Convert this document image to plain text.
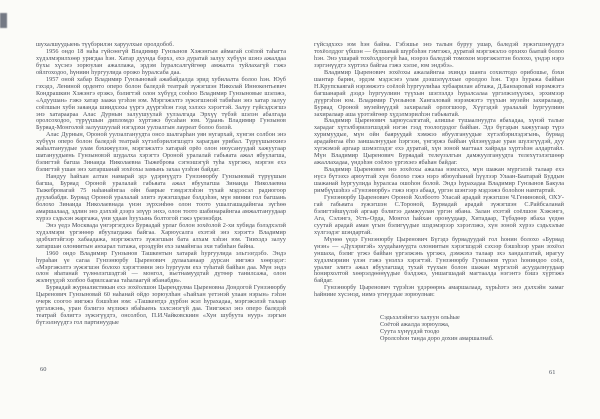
шухалшуудыень түүбэрилэн харуулхые оролдобоб.

1956 ондо 18 наһа гүйсөөгүй Владимир Гунзынов Хэжэнгын аймагай соёлой таһагта хүдэлмэрилхөөр уригдаа һэн. Хатар дуунда бэрхэ, ехэ дуратай залуу хүбүүн шэнэ ажалдаа бүхы хүсэеэ зорюулан ажаллажа, эрдэм һуралсалгүйгөөр амжалта туйлахагүй гэжэ ойлгоходоо, һүниин һургуулида орожо һуралсаба даа.

1957 оной хабар Владимир Гунзыновай ажабайдалда эрид хубилалта болоо һэн. Юуб гэхэдэ, Лениной орденто оперо болон баледэй театрай зүжэгшэн Николай Иннокентьевич Кондрашкин Хэжэнгэ ерэжэ, бэлигтэй олон хүбүүд сооһоо Владимир Гунзыновые шэлэжэ, «Адуушан» гэжэ хатар заажа үгэһэн юм. Мэргэжэлтэ зүжэгшэнэй табиһан энэ хатар залуу соёлшын хуби заяанда шиидхэхы үүргэ дүүргэһэн гээд хэлэхэ хэрэгтэй. Залуу гүйсэдхэгшэ энэ хатараараа Алас Дурнын залуушуулай уулзалгада Эрхүү түбэй шэлэн абалгада оролсоходоо, түрүүшын дипломдо хүртэжэ бусаһан юм. Удаань Владимир Гунзынов Буряад-Монголой залуушуулай нэгэдэхи уулзалгын лауреат болоо бэлэй.

Алас Дурнын, Ороной уулзалгануудта онсо шалгарһан уян нугархай, хүнгэн солбон энэ хүбүүн оперо болон баледэй театрай хүтэлбэрилэгшэдтэ харагдан урибал. Түрүүшынхиеэ жаһалтануудые улам бэхижүүлэн, мэргэжэлтэ хатарай орёо олон нюусануудай хажуугаар шатануудыень Гунзыновэй шудалха хэрэгтэ Ороной уралалай габьяата ажал ябуулагша, бэлигтэй багша Зинаида Николаевна Тыжеброва сэгнэшэгүй туһа хүргэжэ, мэргэн ехэ бэлигтэй ушан энэ хатаршанай зохёохы замынь захаа үзэһэн байдаг.

Нандуу һайхан алтан намарай эдэ үдэрнүүдтэ Гунзэнюрбу Гунзыновай түрүүшын багша, Буряад Ороной уралалай габьяата ажал ябуулагша Зинаида Николаевна Тыжебровагай 75 наһанайнгаа ойн баярые тэмдэглэһэн тухай мэдээсэл радиогоор дуулабабди. Буряад Ороной уралалай элитэ зүжэгшэдые бэлдэһэн, мүн минии гол багшань болохо Зинаида Николаевнада үнэн зүрхэнһөө олон тоото ушалгашадайнгаа зүгһөө амаршалаад, эдлин энэ дэлхэй дээрэ элүүр энхэ, олон тоото шабинарайнгаа амжалтануудаар хүрээ сэдьхэн жаргажа, үни удаан һуухынь болтогой гэжэ үреэнэбди.

Энэ үедэ Москвада үнгэргэгдэхэ Буряадай урлаг болон зохёолой 2-хи хубида бэлэдхэлэй хүдэлмэри үргэнөөр ябуулагдажа байгаа. Харюусалга ехэтэй энэ хэрэгтэ Владимир эдэбхитэйгээр хабаадажа, мэргэжэлтэ зүжэгшын бата алхам хэһэн юм. Тиихэдэ залуу хатаршан олониитын анхарал татажа, ерээдүйн ехэ замайнгаа эхи табиһан байна.

1960 ондо Владимир Гунзынов Ташкентын хатарай һургуулида эльгээгдэбэ. Эндэ һураһан үе сагаа Гунзэнюрбу Цыренович дулааханаар дурсан иигэжэ хөөрэдэг: «Мэргэжэлтэ зүжэгшэн болохо хэрэгтэмни энэ һургуули ехэ туһатай байһан даа. Мүн эндэ олон яһатанай түлөөлэгшэдтэй — монгол, вьетнамуудтай дүтөөр танилсажа, олон жэлнүүдэй холбоо барилсаагаа таһалаагүй ябанабди».

Буряадай журналистикын ехэ зохёолшон Цырендулма Цыреновна Дондогой Гунзэнюрбу Цыренович Гунзыновай 60 наһанай ойдо зорюулһан «Һайхан үетэнэй улаан нэрын» гэһэн очерк соогоо иигэжэ бэшэһэн юм: «Ташкентдэ дүрбэн жэл һурахадаа, мэргэжэлэй талаар үргэлжэнь, уран бэлигээ мүлижэ ябаһыень хэлсэнэгүй даа. Тиигэжэл энэ оперо баледэй театрай бэлигтэ зүжэгүүдтэ, онсолбол, П.И.Чайковскиин «Хун шубуута нуур» зэргын бүтээлнүүдтэ гол партинуудые

гүйсэдхэхэ юм һэн байна. Гэбэшье энэ талын буруу ушар, баледэй зүжэгшэнүүдтэ тохёолддог үбшэн — булшанай шүрбэһэн гэмтэжэ, дуратай мэргэжэлээ орхихо баатай болоо һэн. Энэ ушарай тохёолдоогүй һаа, нээрээ баледэй томохон мэргэжэлтэн болохо, үндэр нэрэ зэргэнүүдтэ хүртэхэ байгаа гэжэ хэлэе, юм эндэбэ».

Владимир Цыренович зохёохы ажалайнгаа эхиндэ шанга сохилтодо орибошье, бэхи шантар барин, эрдэм мэдэсэеэ улам дээшэлүүлхые оролдоо һэн. Тэрэ һуража байһан Н.Крупскаягай нэрэмжэтэ соёлой һургуулиһаа хубаарилан абтажа, Д.Банзаровай нэрэмжэтэ багшанарай дээдэ һургуулиин түүхын шэглэлдэ һуралсалаа үргэлжэлүүлжэ, эрхимээр дүүргэһэн юм. Владимир Гунзынов Хангаловай нэрэмжэтэ түүхын музейн захиралаар, Буряад Ороной музейнүүдэй захиралай орлогшоор, Хүүгэдэй уралалай һургуулиин захиралаар аша үрэтэйгөөр хүдэлмэрилһэн габьяатай.

Владимир Цыренович харюусалгатай, алишье тушаалнуудта ябахадаа, хүнэй талые харадаг хүтэлбэрилэгшэдэй нэгэн гээд тоологдодог байһан. Эдэ бүгэдын хажуугаар түрэ хуримуудые, мүн ойн баяруудай хэмжээ ябуулгануудые хүтэлбэрилэдэгынь, буряад арадайнгаа ёһо заншалнуудые һэргээн, үнгэржэ байһан үйлэнүүдые уран шүлэгүүдэй, дуу хүгжэмэй аргаар шэмэглэдэг ехэ дуратай, хүн зоной магтаал хайрада хүртэһэн алдартайл. Мүн Владимир Цыренович Буряадай телеүзэлгын дамжуулгануудта телехүтэлэгшөөр ажаллахадаа, үндэһэн соёлоо үргэхэеэ ябаһан байдаг.

Владимир Цыренович энэ зохёохы ажалаа нэмэлхэ, мүн шажан мүргэлэй талаар ехэ нүсэ бүтээхэ арюутгай хүн болохо гэжэ нэрэ ябюулһанай һүүлээр Улаан-Баатарай Буддын шажанай һургуулида һуралсаа ошоһон болой. Эндэ һурахадаа Владимир Гунзынов Бакула римбүүшэһээ «Гунзэнюрбу» гэжэ нэрэ абаад, үргэн шэнгээр мэдээжэ болоһон намтартай.

Гунзэнюрбу Цыренович Ороной Холбоото Уласай арадай зүжэгшэн Ч.Гениновой, ОХУ-гай габьяата зүжэгшэн С.Тороной, Буряадай арадай зүжэгшэн С.Райбсаланай бэлигтэйшүүлэй аргаар бэлигээ дамжуулан үргэн ябана. Залан ехэтэй соёлшон Хэжэнгэ, Ага, Сэлэнгэ, Усть-Орда, Монгол һайхан оронуудаар, Хитадаар, Түбэдөөр ябаха үедөө суутай арадай аман үгын бэлигүүдые шэдэмэрээр хэрэглэжэ, хүн зоной хүрээ сэдьхэлые хүлгээдэг шэндартай.

Мүнөө үедэ Гунзэнюрбу Цыренович Бүгэдэ буряадуудай гол һонин болохо «Буряад үнэн» — «Дүхэригэй» хуудаһануудта олониитын хэрэгшэдэй сэхээр бэшэһээр уран зохёол уншаха, бэлиг үгжэ байһан үргэлжэнь үргэжэ, дэмжэхэ талаар эхэ хандалгатай, ирагуу хүдэлмэриин үлэн гэжэ үнэлхэ хэрэгтэй. Гунзэнюрбу Гунзынов түрэл һониндоо соёл, уралиг элитэ ажал ябуулагшад тухай түүхын болон шажан мүргэлэй асуудалнуудаар һонирхолтой хөөрэлдөөнүүдые бэлдэжэ, уншагшадай магтаалда нэгэнтэ бэшэ хүртэжэ байдаг.

Гунзэнюрбу Цыренович түрэһэн үдэрөөрнь амаршалаад, хүрьһэтэ энэ дэлхэйн хамаг һайниие хүсэнэд, иимэ үгнүүдые зорюулнав:

Сэдьхэлэйнгээ халуун ольһые
Соётой ажалда зорюулжа,
Суута хүнүүдэй тоодо
Оролсоһон танда доро дохин амаршалнаб.
60	61
